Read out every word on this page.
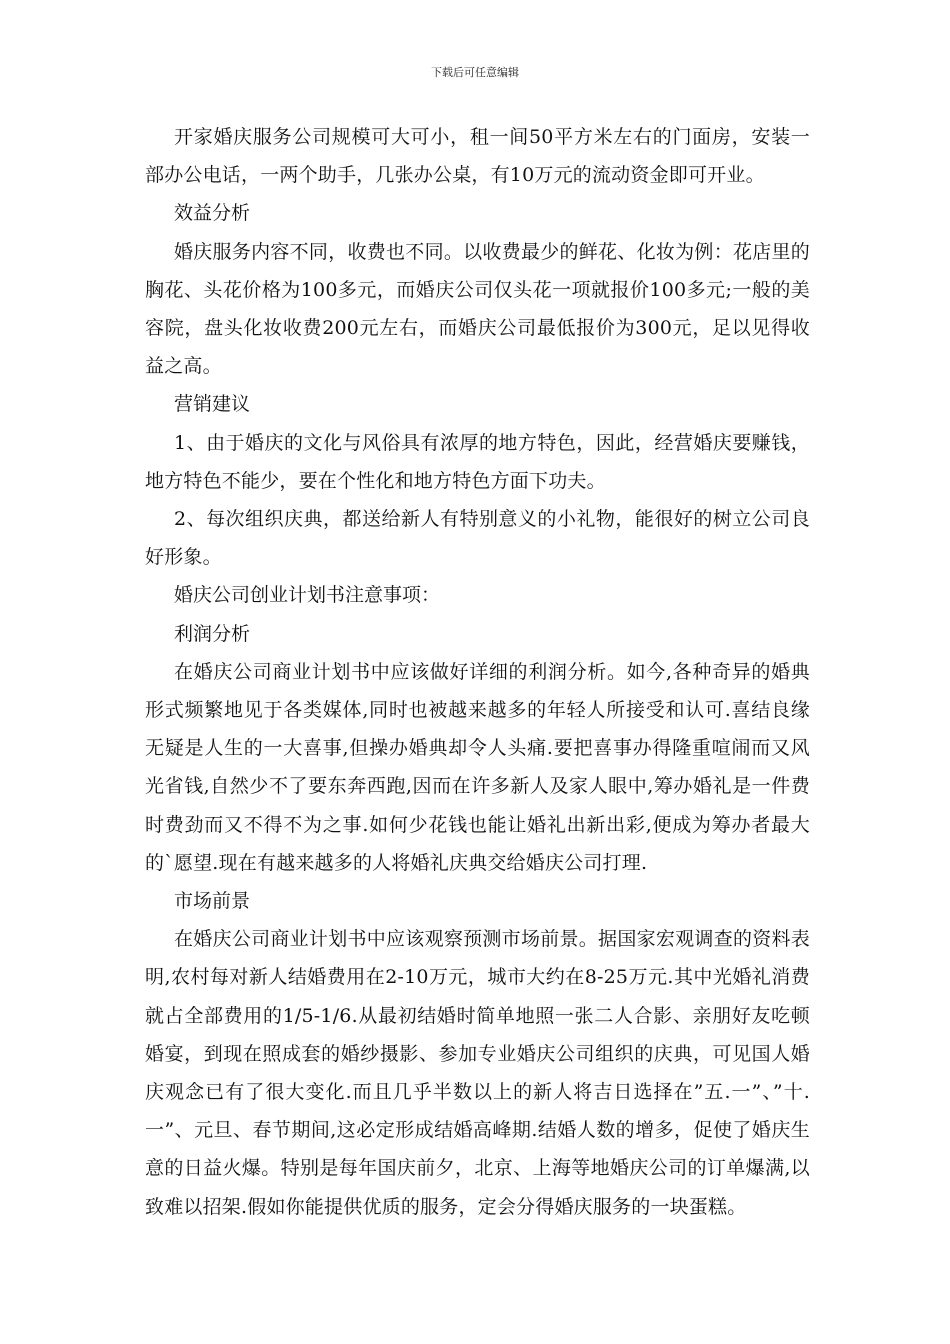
下载后可任意编辑

开家婚庆服务公司规模可大可小，租一间50平方米左右的门面房，安装一部办公电话，一两个助手，几张办公桌，有10万元的流动资金即可开业。

效益分析

婚庆服务内容不同，收费也不同。以收费最少的鲜花、化妆为例：花店里的胸花、头花价格为100多元，而婚庆公司仅头花一项就报价100多元;一般的美容院，盘头化妆收费200元左右，而婚庆公司最低报价为300元，足以见得收益之高。

营销建议

1、由于婚庆的文化与风俗具有浓厚的地方特色，因此，经营婚庆要赚钱，地方特色不能少，要在个性化和地方特色方面下功夫。

2、每次组织庆典，都送给新人有特别意义的小礼物，能很好的树立公司良好形象。

婚庆公司创业计划书注意事项：

利润分析

在婚庆公司商业计划书中应该做好详细的利润分析。如今,各种奇异的婚典形式频繁地见于各类媒体,同时也被越来越多的年轻人所接受和认可.喜结良缘无疑是人生的一大喜事,但操办婚典却令人头痛.要把喜事办得隆重喧闹而又风光省钱,自然少不了要东奔西跑,因而在许多新人及家人眼中,筹办婚礼是一件费时费劲而又不得不为之事.如何少花钱也能让婚礼出新出彩,便成为筹办者最大的`愿望.现在有越来越多的人将婚礼庆典交给婚庆公司打理.

市场前景

在婚庆公司商业计划书中应该观察预测市场前景。据国家宏观调查的资料表明,农村每对新人结婚费用在2-10万元，城市大约在8-25万元.其中光婚礼消费就占全部费用的1/5-1/6.从最初结婚时简单地照一张二人合影、亲朋好友吃顿婚宴，到现在照成套的婚纱摄影、参加专业婚庆公司组织的庆典，可见国人婚庆观念已有了很大变化.而且几乎半数以上的新人将吉日选择在”五.一”、”十.一”、元旦、春节期间,这必定形成结婚高峰期.结婚人数的增多，促使了婚庆生意的日益火爆。特别是每年国庆前夕，北京、上海等地婚庆公司的订单爆满,以致难以招架.假如你能提供优质的服务，定会分得婚庆服务的一块蛋糕。
